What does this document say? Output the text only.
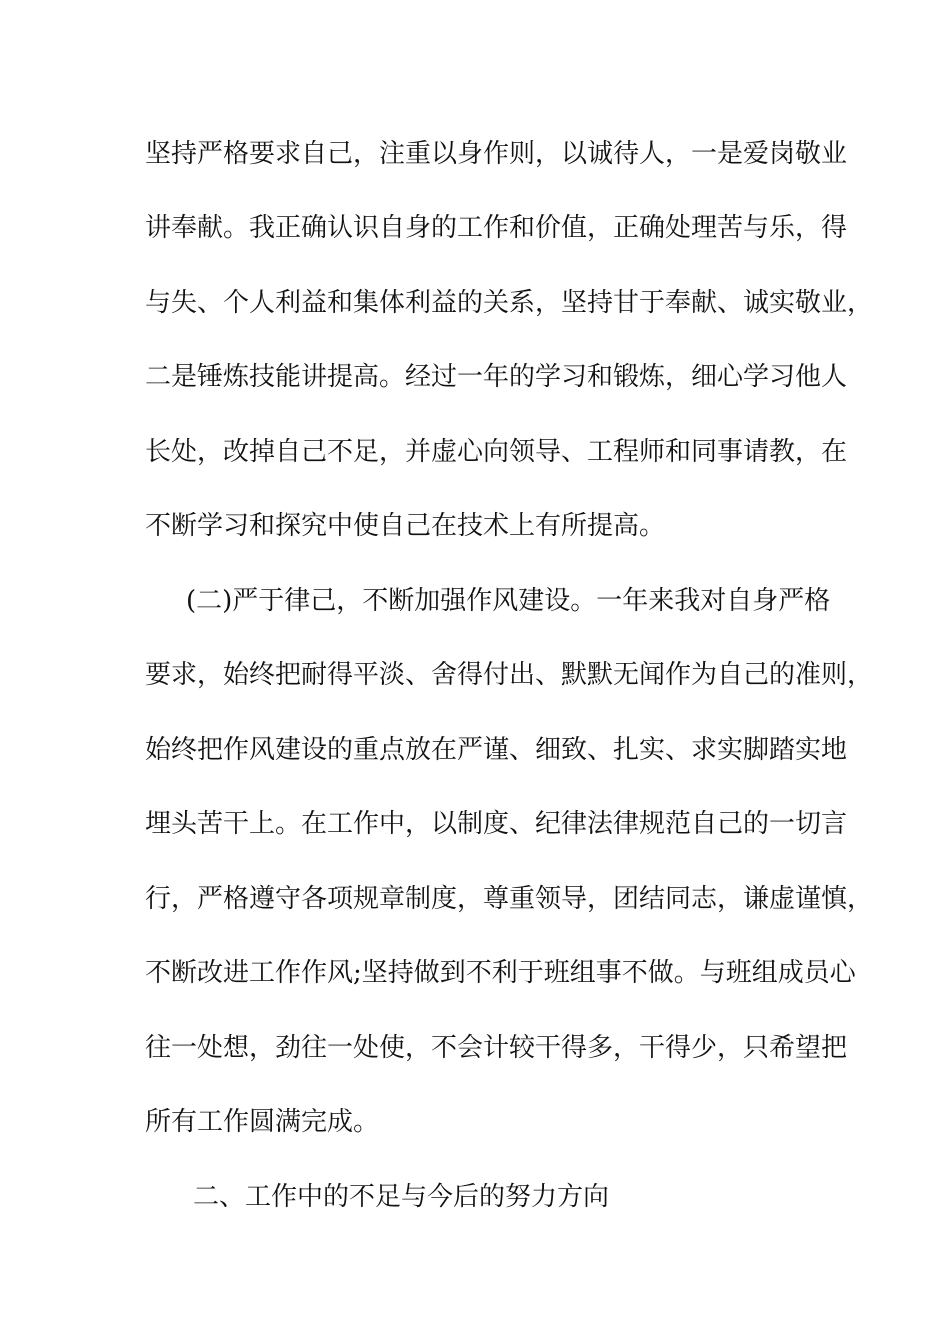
坚持严格要求自己，注重以身作则，以诚待人，一是爱岗敬业
讲奉献。我正确认识自身的工作和价值，正确处理苦与乐，得
与失、个人利益和集体利益的关系，坚持甘于奉献、诚实敬业，
二是锤炼技能讲提高。经过一年的学习和锻炼，细心学习他人
长处，改掉自己不足，并虚心向领导、工程师和同事请教，在
不断学习和探究中使自己在技术上有所提高。
(二)严于律己，不断加强作风建设。一年来我对自身严格
要求，始终把耐得平淡、舍得付出、默默无闻作为自己的准则，
始终把作风建设的重点放在严谨、细致、扎实、求实脚踏实地
埋头苦干上。在工作中，以制度、纪律法律规范自己的一切言
行，严格遵守各项规章制度，尊重领导，团结同志，谦虚谨慎，
不断改进工作作风;坚持做到不利于班组事不做。与班组成员心
往一处想，劲往一处使，不会计较干得多，干得少，只希望把
所有工作圆满完成。
二、工作中的不足与今后的努力方向
